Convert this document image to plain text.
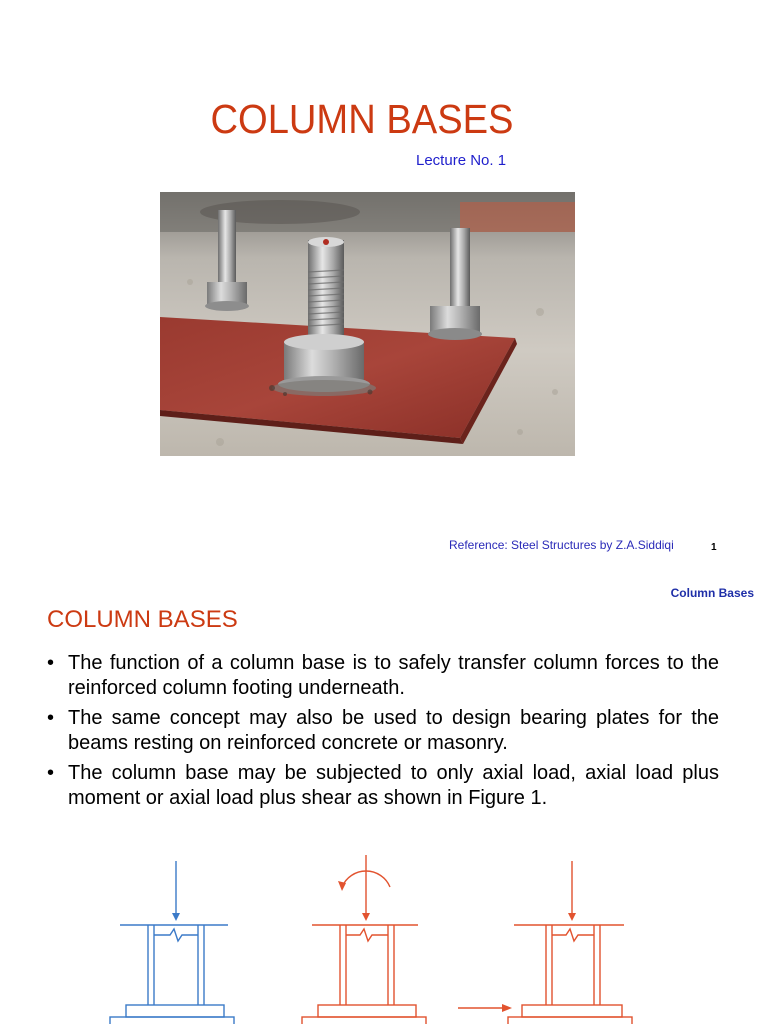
COLUMN BASES
Lecture No. 1
Reference: Steel Structures by Z.A.Siddiqi	1
Column Bases
COLUMN BASES
• The function of a column base is to safely transfer column forces to the reinforced column footing underneath.
• The same concept may also be used to design bearing plates for the beams resting on reinforced concrete or masonry.
• The column base may be subjected to only axial load, axial load plus moment or axial load plus shear as shown in Figure 1.
